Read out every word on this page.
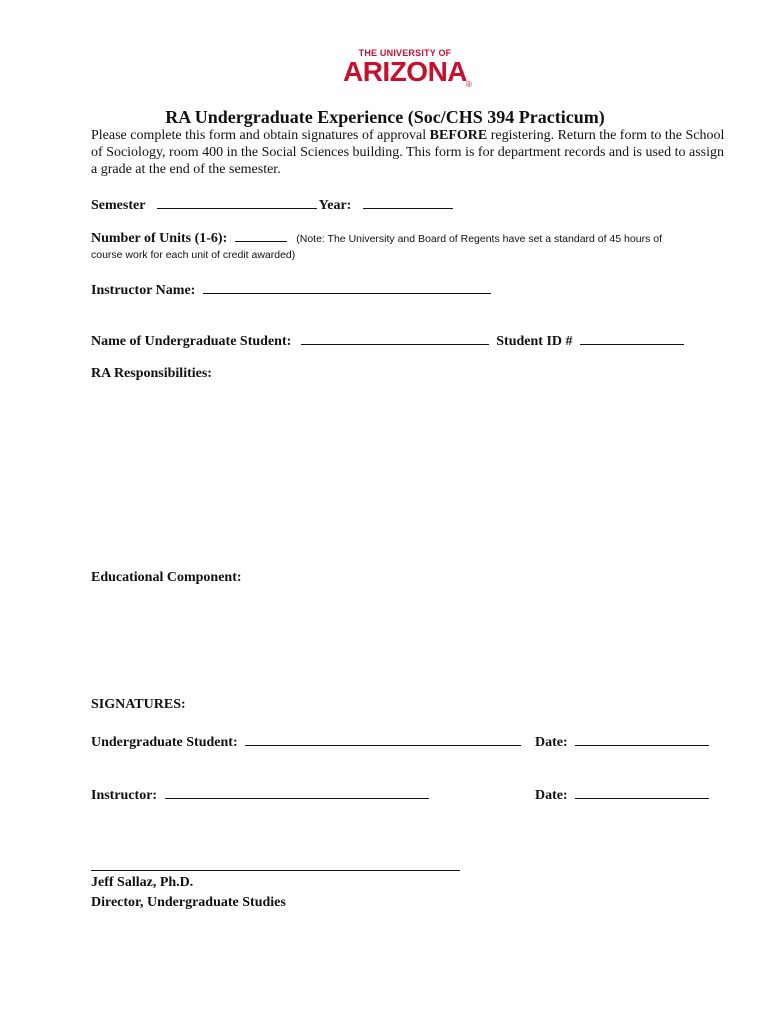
THE UNIVERSITY OF
ARIZONA
®
RA Undergraduate Experience (Soc/CHS 394 Practicum)
Please complete this form and obtain signatures of approval BEFORE registering. Return the form to the School of Sociology, room 400 in the Social Sciences building. This form is for department records and is used to assign a grade at the end of the semester.
Semester	Year:
Number of Units (1-6):	(Note: The University and Board of Regents have set a standard of 45 hours of
course work for each unit of credit awarded)
Instructor Name:
Name of Undergraduate Student:	Student ID #
RA Responsibilities:
Educational Component:
SIGNATURES:
Undergraduate Student:	Date:
Instructor:	Date:
Jeff Sallaz, Ph.D.
Director, Undergraduate Studies
